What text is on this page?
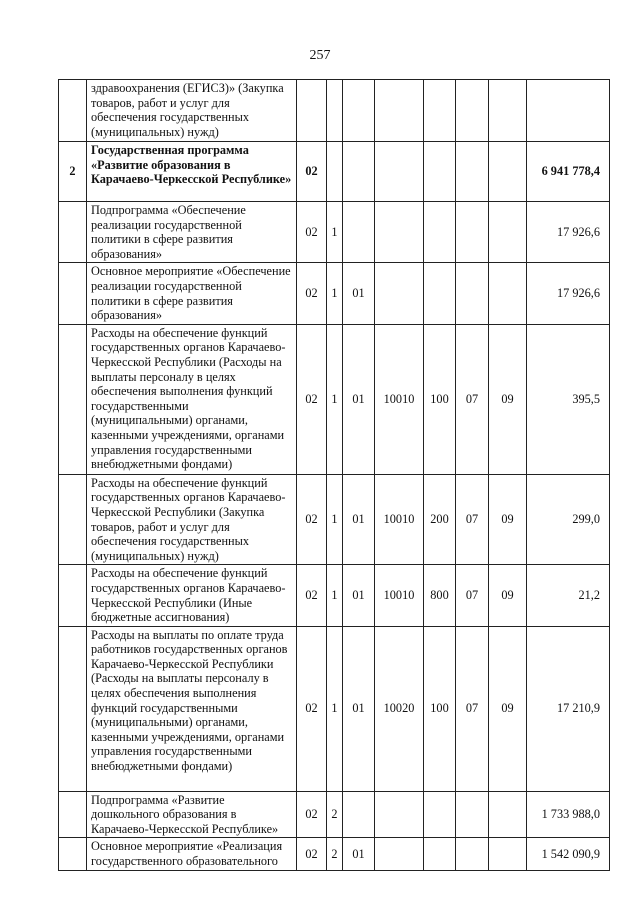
257
	здравоохранения (ЕГИСЗ)» (Закупка товаров, работ и услуг для обеспечения государственных (муниципальных) нужд)								
2	Государственная программа «Развитие образования в Карачаево-Черкесской Республике»	02							6 941 778,4
	Подпрограмма «Обеспечение реализации государственной политики в сфере развития образования»	02	1						17 926,6
	Основное мероприятие «Обеспечение реализации государственной политики в сфере развития образования»	02	1	01					17 926,6
	Расходы на обеспечение функций государственных органов Карачаево-Черкесской Республики (Расходы на выплаты персоналу в целях обеспечения выполнения функций государственными (муниципальными) органами, казенными учреждениями, органами управления государственными внебюджетными фондами)	02	1	01	10010	100	07	09	395,5
	Расходы на обеспечение функций государственных органов Карачаево-Черкесской Республики (Закупка товаров, работ и услуг для обеспечения государственных (муниципальных) нужд)	02	1	01	10010	200	07	09	299,0
	Расходы на обеспечение функций государственных органов Карачаево-Черкесской Республики (Иные бюджетные ассигнования)	02	1	01	10010	800	07	09	21,2
	Расходы на выплаты по оплате труда работников государственных органов Карачаево-Черкесской Республики (Расходы на выплаты персоналу в целях обеспечения выполнения функций государственными (муниципальными) органами, казенными учреждениями, органами управления государственными внебюджетными фондами)	02	1	01	10020	100	07	09	17 210,9
	Подпрограмма «Развитие дошкольного образования в Карачаево-Черкесской Республике»	02	2						1 733 988,0
	Основное мероприятие «Реализация государственного образовательного	02	2	01					1 542 090,9
